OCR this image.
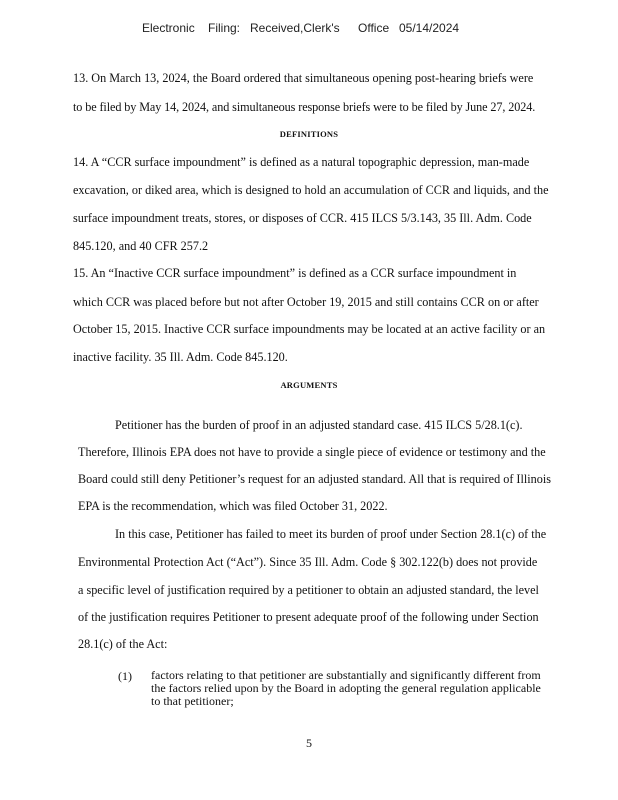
Electronic Filing: Received,Clerk's Office 05/14/2024
13. On March 13, 2024, the Board ordered that simultaneous opening post-hearing briefs were
to be filed by May 14, 2024, and simultaneous response briefs were to be filed by June 27, 2024.
DEFINITIONS
14. A “CCR surface impoundment” is defined as a natural topographic depression, man-made
excavation, or diked area, which is designed to hold an accumulation of CCR and liquids, and the
surface impoundment treats, stores, or disposes of CCR. 415 ILCS 5/3.143, 35 Ill. Adm. Code
845.120, and 40 CFR 257.2
15. An “Inactive CCR surface impoundment” is defined as a CCR surface impoundment in
which CCR was placed before but not after October 19, 2015 and still contains CCR on or after
October 15, 2015. Inactive CCR surface impoundments may be located at an active facility or an
inactive facility. 35 Ill. Adm. Code 845.120.
ARGUMENTS
Petitioner has the burden of proof in an adjusted standard case. 415 ILCS 5/28.1(c).
Therefore, Illinois EPA does not have to provide a single piece of evidence or testimony and the
Board could still deny Petitioner’s request for an adjusted standard. All that is required of Illinois
EPA is the recommendation, which was filed October 31, 2022.
In this case, Petitioner has failed to meet its burden of proof under Section 28.1(c) of the
Environmental Protection Act (“Act”). Since 35 Ill. Adm. Code § 302.122(b) does not provide
a specific level of justification required by a petitioner to obtain an adjusted standard, the level
of the justification requires Petitioner to present adequate proof of the following under Section
28.1(c) of the Act:
(1) factors relating to that petitioner are substantially and significantly different from
the factors relied upon by the Board in adopting the general regulation applicable
to that petitioner;
5
